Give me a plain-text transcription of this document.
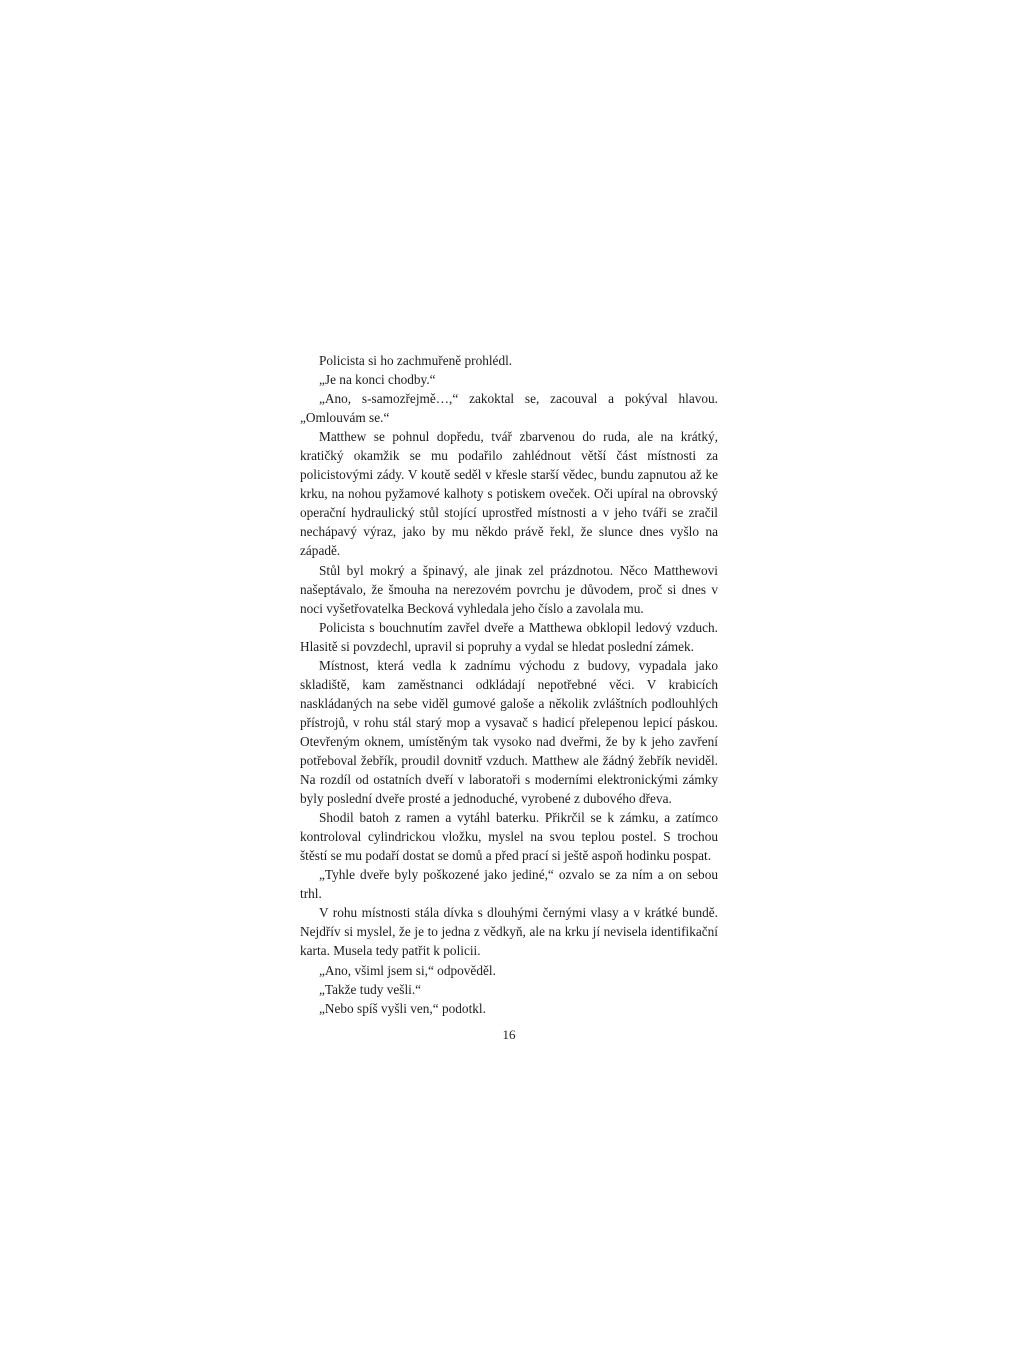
Policista si ho zachmuřeně prohlédl.

„Je na konci chodby.“

„Ano, s-samozřejmě…,“ zakoktal se, zacouval a pokýval hlavou. „Omlouvám se.“

Matthew se pohnul dopředu, tvář zbarvenou do ruda, ale na krátký, kratičký okamžik se mu podařilo zahlédnout větší část místnosti za policistovými zády. V koutě seděl v křesle starší vědec, bundu zapnutou až ke krku, na nohou pyžamové kalhoty s potiskem oveček. Oči upíral na obrovský operační hydraulický stůl stojící uprostřed místnosti a v jeho tváři se zračil nechápavý výraz, jako by mu někdo právě řekl, že slunce dnes vyšlo na západě.

Stůl byl mokrý a špinavý, ale jinak zel prázdnotou. Něco Matthewovi našeptávalo, že šmouha na nerezovém povrchu je důvodem, proč si dnes v noci vyšetřovatelka Becková vyhledala jeho číslo a zavolala mu.

Policista s bouchnutím zavřel dveře a Matthewa obklopil ledový vzduch. Hlasitě si povzdechl, upravil si popruhy a vydal se hledat poslední zámek.

Místnost, která vedla k zadnímu východu z budovy, vypadala jako skladiště, kam zaměstnanci odkládají nepotřebné věci. V krabicích naskládaných na sebe viděl gumové galoše a několik zvláštních podlouhlých přístrojů, v rohu stál starý mop a vysavač s hadicí přelepenou lepicí páskou. Otevřeným oknem, umístěným tak vysoko nad dveřmi, že by k jeho zavření potřeboval žebřík, proudil dovnitř vzduch. Matthew ale žádný žebřík neviděl. Na rozdíl od ostatních dveří v laboratoři s moderními elektronickými zámky byly poslední dveře prosté a jednoduché, vyrobené z dubového dřeva.

Shodil batoh z ramen a vytáhl baterku. Přikrčil se k zámku, a zatímco kontroloval cylindrickou vložku, myslel na svou teplou postel. S trochou štěstí se mu podaří dostat se domů a před prací si ještě aspoň hodinku pospat.

„Tyhle dveře byly poškozené jako jediné,“ ozvalo se za ním a on sebou trhl.

V rohu místnosti stála dívka s dlouhými černými vlasy a v krátké bundě. Nejdřív si myslel, že je to jedna z vědkyň, ale na krku jí nevisela identifikační karta. Musela tedy patřit k policii.

„Ano, všiml jsem si,“ odpověděl.

„Takže tudy vešli.“

„Nebo spíš vyšli ven,“ podotkl.

16
